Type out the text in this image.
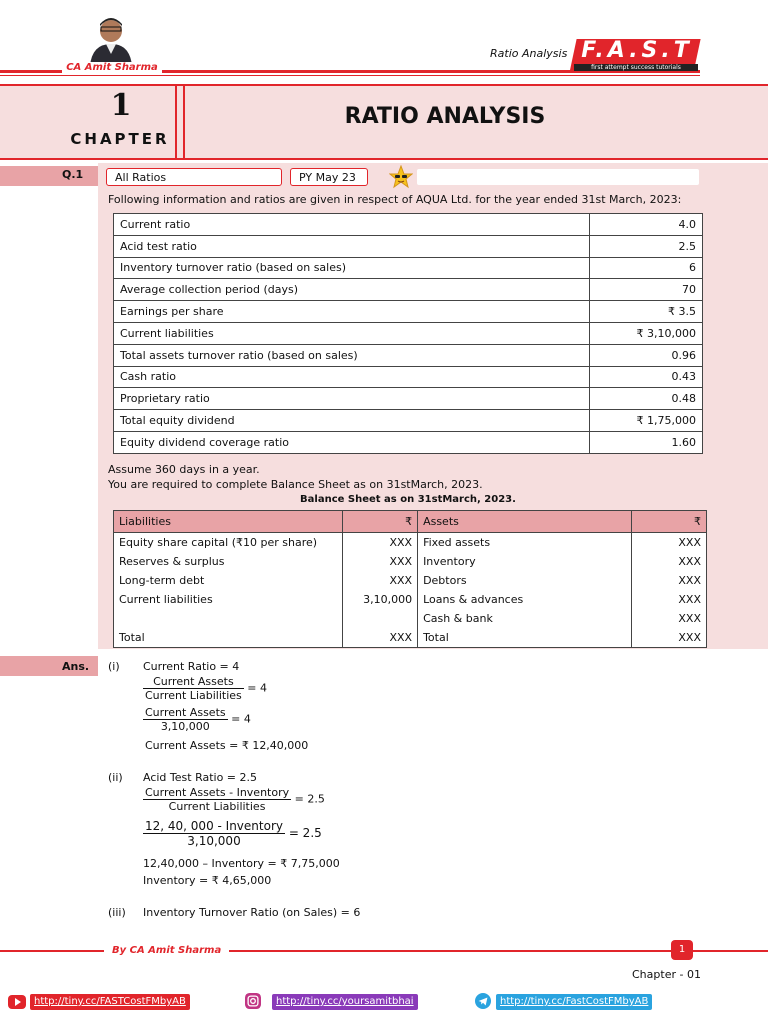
CA Amit Sharma
Ratio Analysis F.A.S.T
first attempt success tutorials
1
CHAPTER
RATIO ANALYSIS
Q.1	All Ratios	PY May 23
Following information and ratios are given in respect of AQUA Ltd. for the year ended 31st March, 2023:
Current ratio	4.0
Acid test ratio	2.5
Inventory turnover ratio (based on sales)	6
Average collection period (days)	70
Earnings per share	₹ 3.5
Current liabilities	₹ 3,10,000
Total assets turnover ratio (based on sales)	0.96
Cash ratio	0.43
Proprietary ratio	0.48
Total equity dividend	₹ 1,75,000
Equity dividend coverage ratio	1.60
Assume 360 days in a year.
You are required to complete Balance Sheet as on 31stMarch, 2023.
Balance Sheet as on 31stMarch, 2023.
Liabilities	₹	Assets	₹
Equity share capital (₹10 per share)	XXX	Fixed assets	XXX
Reserves & surplus	XXX	Inventory	XXX
Long-term debt	XXX	Debtors	XXX
Current liabilities	3,10,000	Loans & advances	XXX
		Cash & bank	XXX
Total	XXX	Total	XXX
Ans. (i) Current Ratio = 4
$\frac{\text{Current Assets}}{\text{Current Liabilities}} = 4$
$\frac{\text{Current Assets}}{3,10,000} = 4$
Current Assets = ₹ 12,40,000
(ii) Acid Test Ratio = 2.5
$\frac{\text{Current Assets - Inventory}}{\text{Current Liabilities}} = 2.5$
$\frac{\text{12, 40, 000 - Inventory}}{3,10,000} = 2.5$
12,40,000 – Inventory = ₹ 7,75,000
Inventory = ₹ 4,65,000
(iii) Inventory Turnover Ratio (on Sales) = 6
By CA Amit Sharma	1
Chapter - 01
http://tiny.cc/FASTCostFMbyAB	http://tiny.cc/yoursamitbhai	http://tiny.cc/FastCostFMbyAB
